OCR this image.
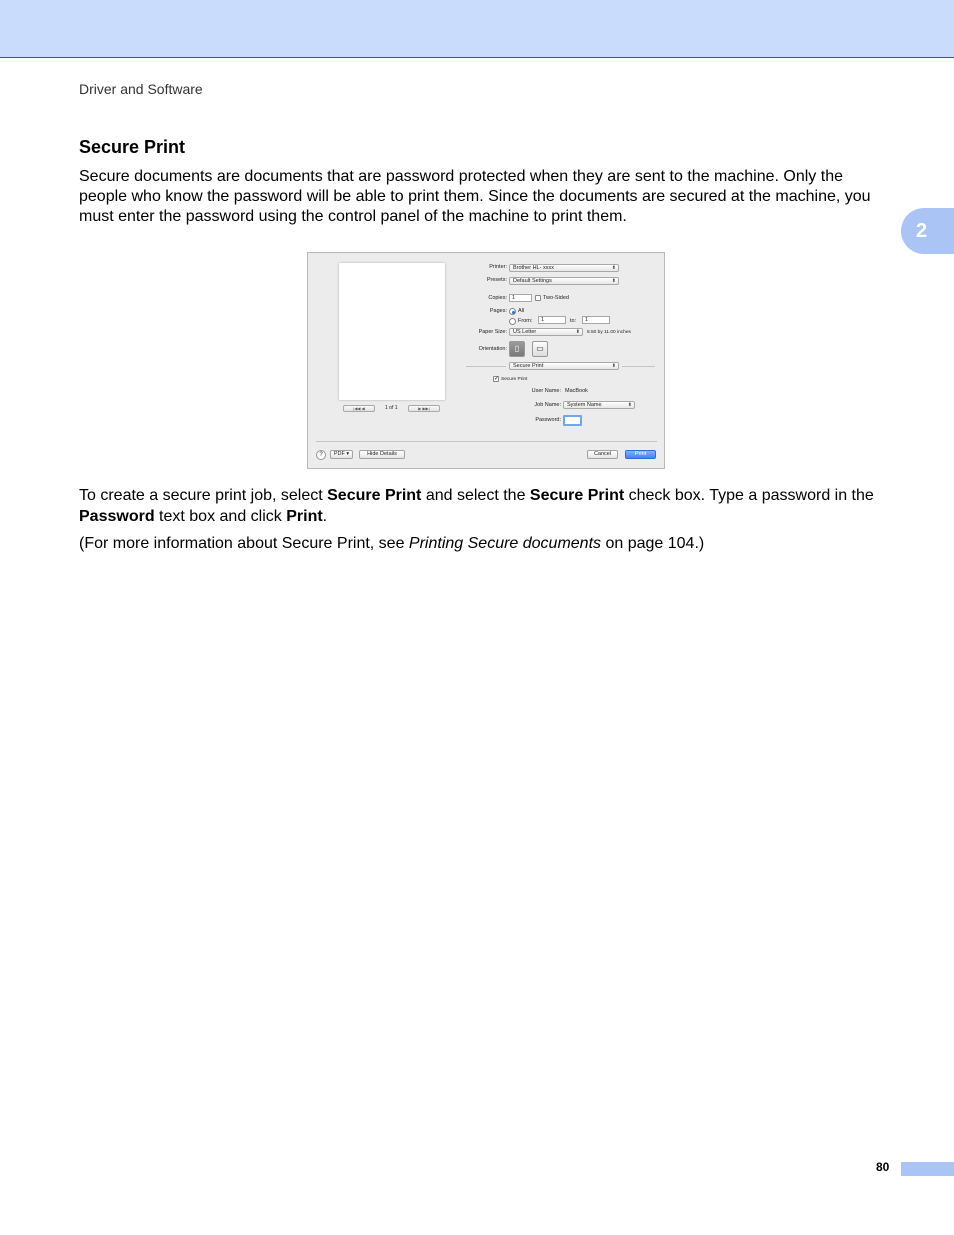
Driver and Software
2
Secure Print

Secure documents are documents that are password protected when they are sent to the machine. Only the people who know the password will be able to print them. Since the documents are secured at the machine, you must enter the password using the control panel of the machine to print them.

|◀◀ ◀	1 of 1	▶ ▶▶|
Printer:	Brother HL- xxxx	⬍
Presets:	Default Settings	⬍
Copies: 1	Two-Sided
Pages: All
From:	1	to:	1
Paper Size:	US Letter	⬍ 8.50 by 11.00 inches
Orientation: ▯	▭
Secure Print	⬍
✓ Secure Print
User Name: MacBook
Job Name:	System Name	⬍
Password:
?	PDF ▾	Hide Details	Cancel	Print

To create a secure print job, select Secure Print and select the Secure Print check box. Type a password in the Password text box and click Print.

(For more information about Secure Print, see Printing Secure documents on page 104.)

80
